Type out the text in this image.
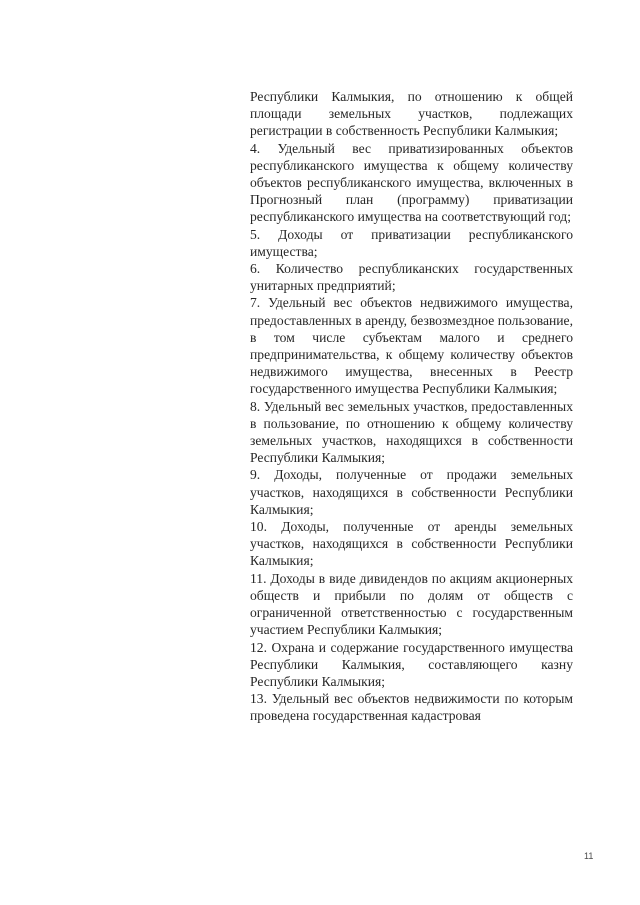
Республики Калмыкия, по отношению к общей площади земельных участков, подлежащих регистрации в собственность Республики Калмыкия;

4. Удельный вес приватизированных объектов республиканского имущества к общему количеству объектов республиканского имущества, включенных в Прогнозный план (программу) приватизации республиканского имущества на соответствующий год;

5. Доходы от приватизации республиканского имущества;

6. Количество республиканских государственных унитарных предприятий;

7. Удельный вес объектов недвижимого имущества, предоставленных в аренду, безвозмездное пользование, в том числе субъектам малого и среднего предпринимательства, к общему количеству объектов недвижимого имущества, внесенных в Реестр государственного имущества Республики Калмыкия;

8. Удельный вес земельных участков, предоставленных в пользование, по отношению к общему количеству земельных участков, находящихся в собственности Республики Калмыкия;

9. Доходы, полученные от продажи земельных участков, находящихся в собственности Республики Калмыкия;

10. Доходы, полученные от аренды земельных участков, находящихся в собственности Республики Калмыкия;

11. Доходы в виде дивидендов по акциям акционерных обществ и прибыли по долям от обществ с ограниченной ответственностью с государственным участием Республики Калмыкия;

12. Охрана и содержание государственного имущества Республики Калмыкия, составляющего казну Республики Калмыкия;

13. Удельный вес объектов недвижимости по которым проведена государственная кадастровая

11
